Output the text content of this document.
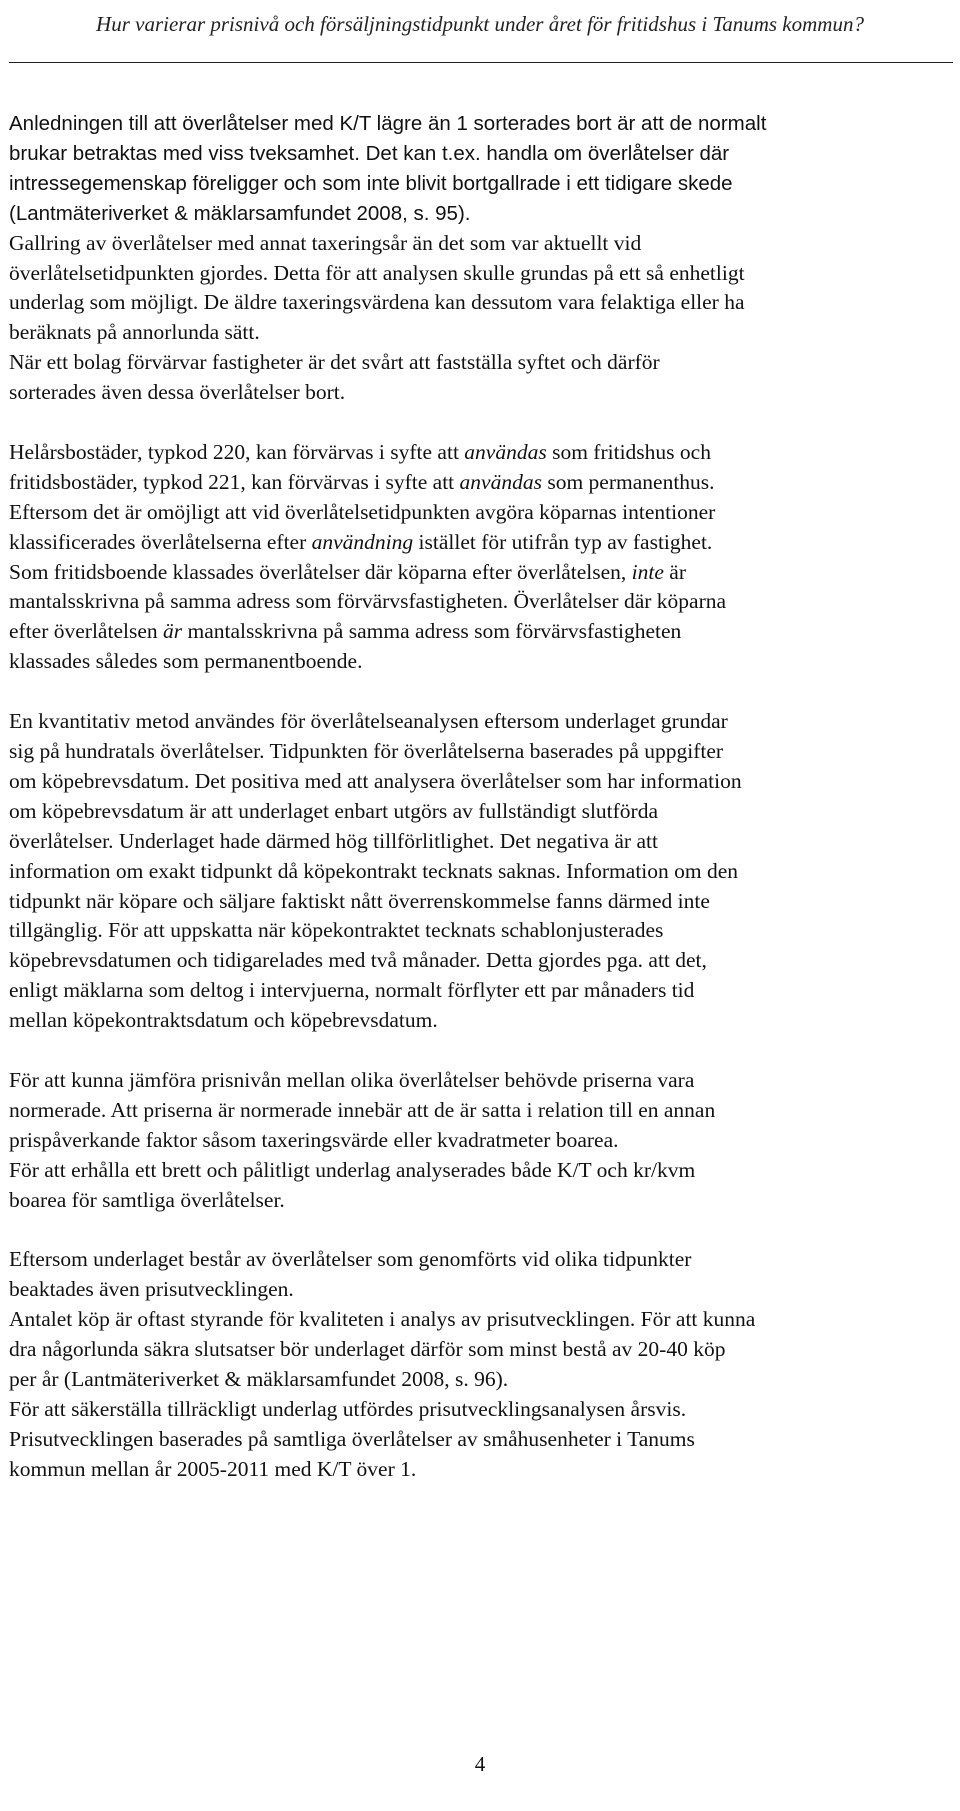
Hur varierar prisnivå och försäljningstidpunkt under året för fritidshus i Tanums kommun?
Anledningen till att överlåtelser med K/T lägre än 1 sorterades bort är att de normalt
brukar betraktas med viss tveksamhet. Det kan t.ex. handla om överlåtelser där
intressegemenskap föreligger och som inte blivit bortgallrade i ett tidigare skede
(Lantmäteriverket & mäklarsamfundet 2008, s. 95).
Gallring av överlåtelser med annat taxeringsår än det som var aktuellt vid
överlåtelsetidpunkten gjordes. Detta för att analysen skulle grundas på ett så enhetligt
underlag som möjligt. De äldre taxeringsvärdena kan dessutom vara felaktiga eller ha
beräknats på annorlunda sätt.
När ett bolag förvärvar fastigheter är det svårt att fastställa syftet och därför
sorterades även dessa överlåtelser bort.
Helårsbostäder, typkod 220, kan förvärvas i syfte att användas som fritidshus och
fritidsbostäder, typkod 221, kan förvärvas i syfte att användas som permanenthus.
Eftersom det är omöjligt att vid överlåtelsetidpunkten avgöra köparnas intentioner
klassificerades överlåtelserna efter användning istället för utifrån typ av fastighet.
Som fritidsboende klassades överlåtelser där köparna efter överlåtelsen, inte är
mantalsskrivna på samma adress som förvärvsfastigheten. Överlåtelser där köparna
efter överlåtelsen är mantalsskrivna på samma adress som förvärvsfastigheten
klassades således som permanentboende.
En kvantitativ metod användes för överlåtelseanalysen eftersom underlaget grundar
sig på hundratals överlåtelser. Tidpunkten för överlåtelserna baserades på uppgifter
om köpebrevsdatum. Det positiva med att analysera överlåtelser som har information
om köpebrevsdatum är att underlaget enbart utgörs av fullständigt slutförda
överlåtelser. Underlaget hade därmed hög tillförlitlighet. Det negativa är att
information om exakt tidpunkt då köpekontrakt tecknats saknas. Information om den
tidpunkt när köpare och säljare faktiskt nått överrenskommelse fanns därmed inte
tillgänglig. För att uppskatta när köpekontraktet tecknats schablonjusterades
köpebrevsdatumen och tidigarelades med två månader. Detta gjordes pga. att det,
enligt mäklarna som deltog i intervjuerna, normalt förflyter ett par månaders tid
mellan köpekontraktsdatum och köpebrevsdatum.
För att kunna jämföra prisnivån mellan olika överlåtelser behövde priserna vara
normerade. Att priserna är normerade innebär att de är satta i relation till en annan
prispåverkande faktor såsom taxeringsvärde eller kvadratmeter boarea.
För att erhålla ett brett och pålitligt underlag analyserades både K/T och kr/kvm
boarea för samtliga överlåtelser.
Eftersom underlaget består av överlåtelser som genomförts vid olika tidpunkter
beaktades även prisutvecklingen.
Antalet köp är oftast styrande för kvaliteten i analys av prisutvecklingen. För att kunna
dra någorlunda säkra slutsatser bör underlaget därför som minst bestå av 20-40 köp
per år (Lantmäteriverket & mäklarsamfundet 2008, s. 96).
För att säkerställa tillräckligt underlag utfördes prisutvecklingsanalysen årsvis.
Prisutvecklingen baserades på samtliga överlåtelser av småhusenheter i Tanums
kommun mellan år 2005-2011 med K/T över 1.
4
